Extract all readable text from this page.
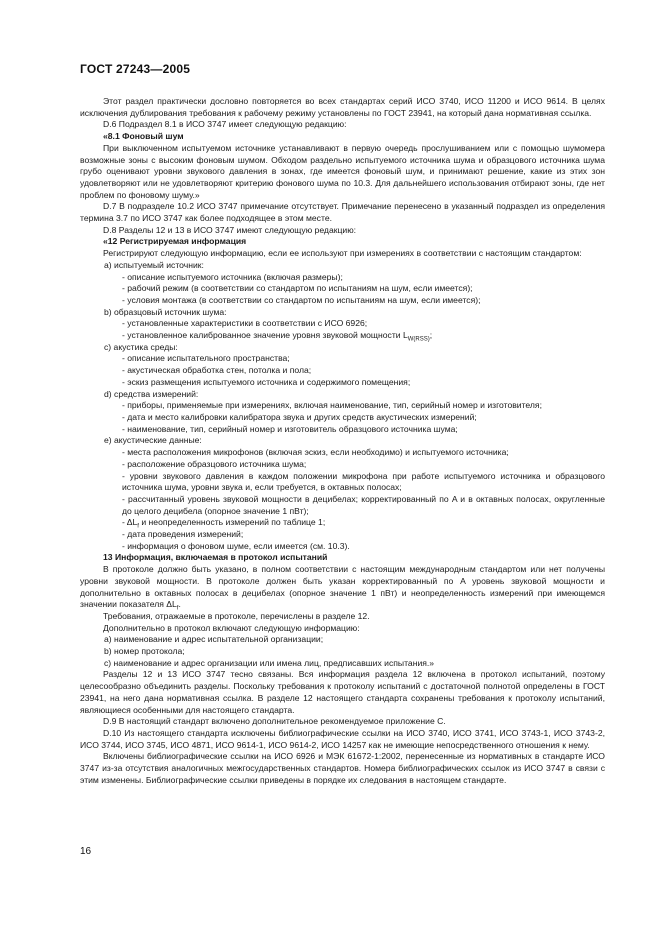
ГОСТ 27243—2005

Этот раздел практически дословно повторяется во всех стандартах серий ИСО 3740, ИСО 11200 и ИСО 9614. В целях исключения дублирования требования к рабочему режиму установлены по ГОСТ 23941, на который дана нормативная ссылка.

D.6 Подраздел 8.1 в ИСО 3747 имеет следующую редакцию:

«8.1 Фоновый шум

При выключенном испытуемом источнике устанавливают в первую очередь прослушиванием или с помощью шумомера возможные зоны с высоким фоновым шумом. Обходом раздельно испытуемого источника шума и образцового источника шума грубо оценивают уровни звукового давления в зонах, где имеется фоновый шум, и принимают решение, какие из этих зон удовлетворяют или не удовлетворяют критерию фонового шума по 10.3. Для дальнейшего использования отбирают зоны, где нет проблем по фоновому шуму.»

D.7 В подразделе 10.2 ИСО 3747 примечание отсутствует. Примечание перенесено в указанный подраздел из определения термина 3.7 по ИСО 3747 как более подходящее в этом месте.

D.8 Разделы 12 и 13 в ИСО 3747 имеют следующую редакцию:

«12 Регистрируемая информация

Регистрируют следующую информацию, если ее используют при измерениях в соответствии с настоящим стандартом:

a) испытуемый источник:

- описание испытуемого источника (включая размеры);

- рабочий режим (в соответствии со стандартом по испытаниям на шум, если имеется);

- условия монтажа (в соответствии со стандартом по испытаниям на шум, если имеется);

b) образцовый источник шума:

- установленные характеристики в соответствии с ИСО 6926;

- установленное калиброванное значение уровня звуковой мощности $L_{W(RSS)}$;

c) акустика среды:

- описание испытательного пространства;

- акустическая обработка стен, потолка и пола;

- эскиз размещения испытуемого источника и содержимого помещения;

d) средства измерений:

- приборы, применяемые при измерениях, включая наименование, тип, серийный номер и изготовителя;

- дата и место калибровки калибратора звука и других средств акустических измерений;

- наименование, тип, серийный номер и изготовитель образцового источника шума;

e) акустические данные:

- места расположения микрофонов (включая эскиз, если необходимо) и испытуемого источника;

- расположение образцового источника шума;

- уровни звукового давления в каждом положении микрофона при работе испытуемого источника и образцового источника шума, уровни звука и, если требуется, в октавных полосах;

- рассчитанный уровень звуковой мощности в децибелах; корректированный по A и в октавных полосах, округленные до целого децибела (опорное значение 1 пВт);

- $\Delta L_f$ и неопределенность измерений по таблице 1;

- дата проведения измерений;

- информация о фоновом шуме, если имеется (см. 10.3).

13 Информация, включаемая в протокол испытаний

В протоколе должно быть указано, в полном соответствии с настоящим международным стандартом или нет получены уровни звуковой мощности. В протоколе должен быть указан корректированный по A уровень звуковой мощности и дополнительно в октавных полосах в децибелах (опорное значение 1 пВт) и неопределенность измерений при имеющемся значении показателя $\Delta L_f$.

Требования, отражаемые в протоколе, перечислены в разделе 12.

Дополнительно в протокол включают следующую информацию:

a) наименование и адрес испытательной организации;

b) номер протокола;

c) наименование и адрес организации или имена лиц, предписавших испытания.»

Разделы 12 и 13 ИСО 3747 тесно связаны. Вся информация раздела 12 включена в протокол испытаний, поэтому целесообразно объединить разделы. Поскольку требования к протоколу испытаний с достаточной полнотой определены в ГОСТ 23941, на него дана нормативная ссылка. В разделе 12 настоящего стандарта сохранены требования к протоколу испытаний, являющиеся особенными для настоящего стандарта.

D.9 В настоящий стандарт включено дополнительное рекомендуемое приложение С.

D.10 Из настоящего стандарта исключены библиографические ссылки на ИСО 3740, ИСО 3741, ИСО 3743-1, ИСО 3743-2, ИСО 3744, ИСО 3745, ИСО 4871, ИСО 9614-1, ИСО 9614-2, ИСО 14257 как не имеющие непосредственного отношения к нему.

Включены библиографические ссылки на ИСО 6926 и МЭК 61672-1:2002, перенесенные из нормативных в стандарте ИСО 3747 из-за отсутствия аналогичных межгосударственных стандартов. Номера библиографических ссылок из ИСО 3747 в связи с этим изменены. Библиографические ссылки приведены в порядке их следования в настоящем стандарте.

16
